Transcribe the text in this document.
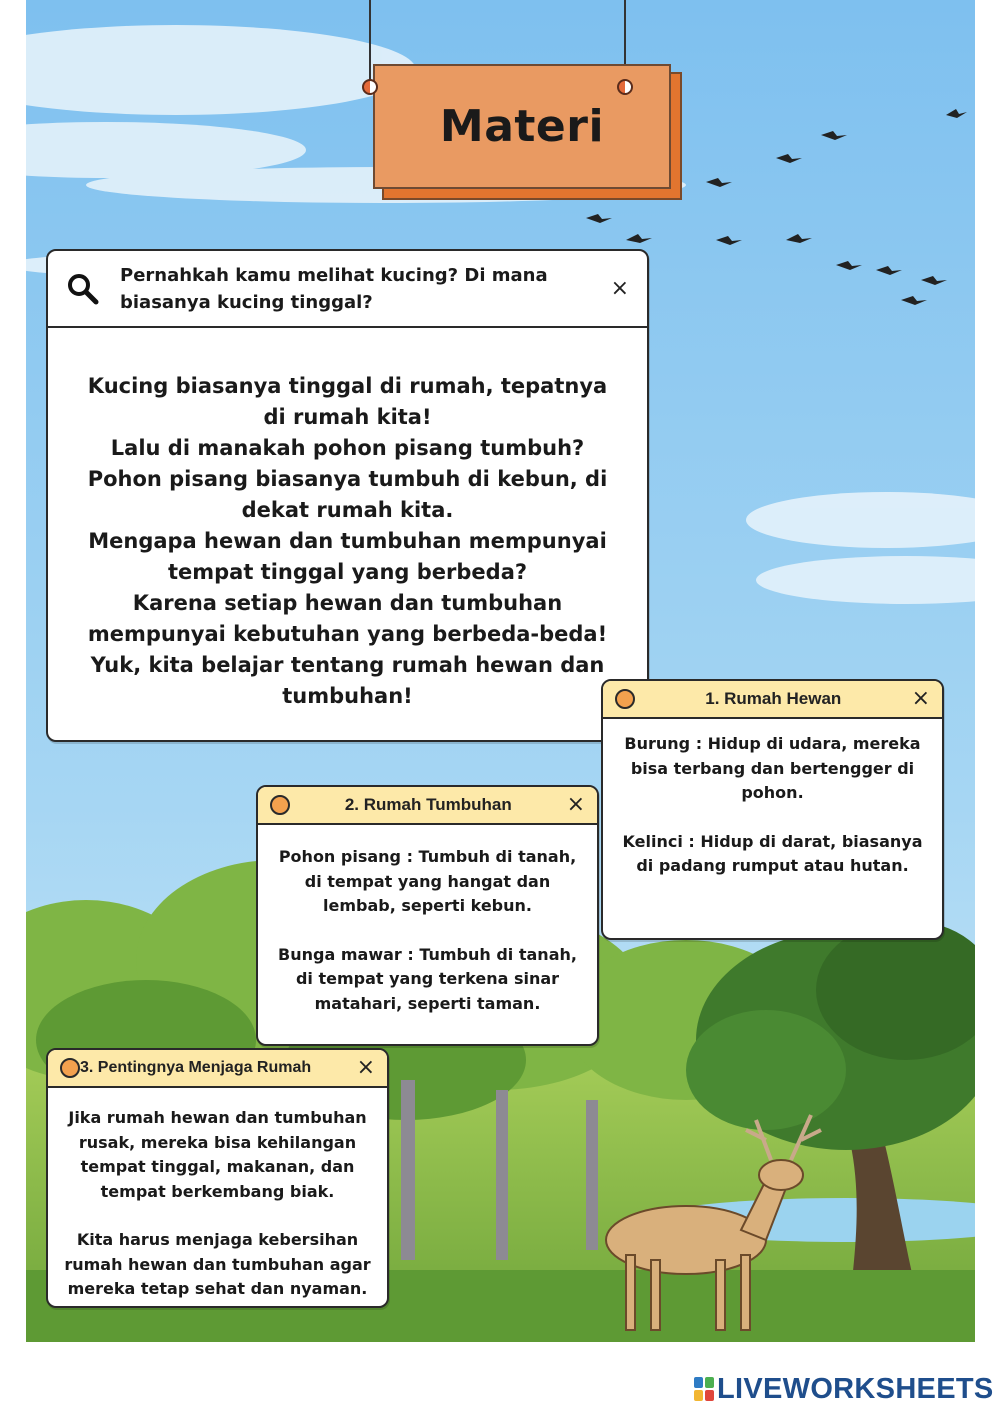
Materi
Pernahkah kamu melihat kucing? Di mana
biasanya kucing tinggal?
×

Kucing biasanya tinggal di rumah, tepatnya
di rumah kita!

Lalu di manakah pohon pisang tumbuh?

Pohon pisang biasanya tumbuh di kebun, di
dekat rumah kita.

Mengapa hewan dan tumbuhan mempunyai
tempat tinggal yang berbeda?

Karena setiap hewan dan tumbuhan
mempunyai kebutuhan yang berbeda-beda!

Yuk, kita belajar tentang rumah hewan dan
tumbuhan!	1. Rumah Hewan	×

Burung : Hidup di udara, mereka
bisa terbang dan bertengger di
pohon.

Kelinci : Hidup di darat, biasanya
di padang rumput atau hutan.

2. Rumah Tumbuhan	×

Pohon pisang : Tumbuh di tanah,
di tempat yang hangat dan
lembab, seperti kebun.

Bunga mawar : Tumbuh di tanah,
di tempat yang terkena sinar
matahari, seperti taman.

3. Pentingnya Menjaga Rumah	×

Jika rumah hewan dan tumbuhan
rusak, mereka bisa kehilangan
tempat tinggal, makanan, dan
tempat berkembang biak.

Kita harus menjaga kebersihan
rumah hewan dan tumbuhan agar
mereka tetap sehat dan nyaman.

LIVEWORKSHEETS
